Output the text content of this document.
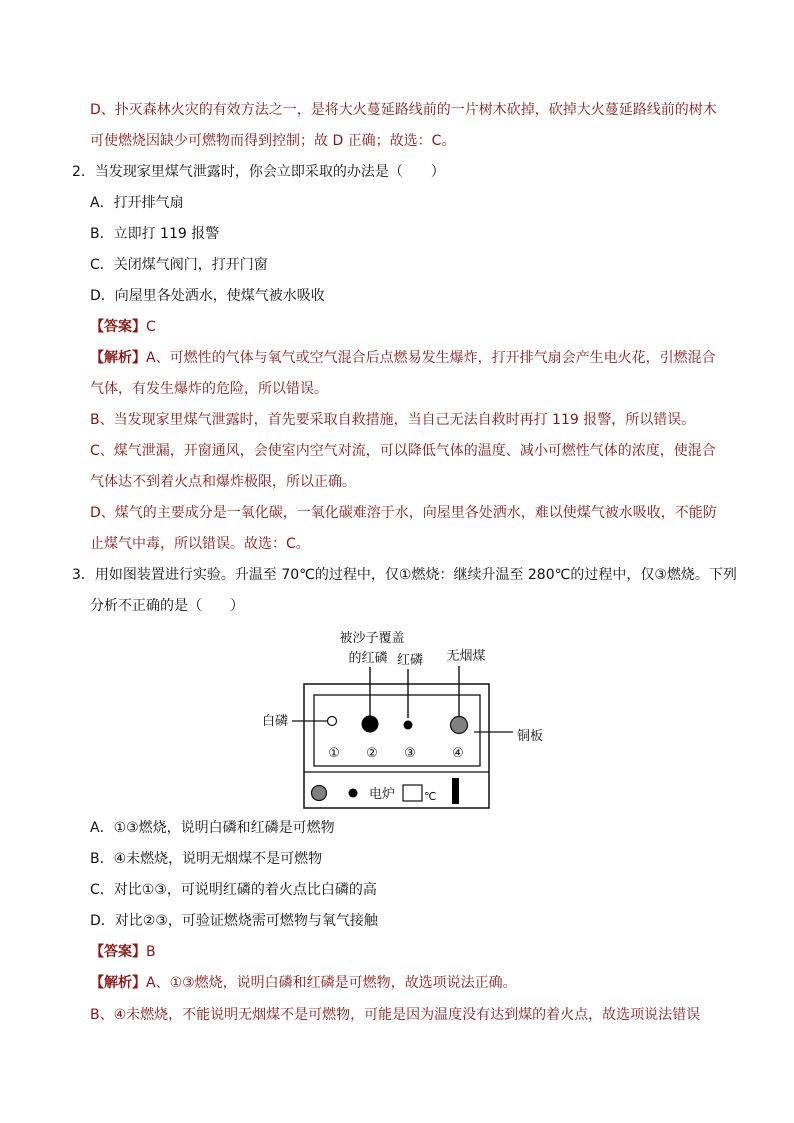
D、扑灭森林火灾的有效方法之一，是将大火蔓延路线前的一片树木砍掉，砍掉大火蔓延路线前的树木
可使燃烧因缺少可燃物而得到控制；故 D 正确；故选：C。
2．当发现家里煤气泄露时，你会立即采取的办法是（　　）
A．打开排气扇
B．立即打 119 报警
C．关闭煤气阀门，打开门窗
D．向屋里各处洒水，使煤气被水吸收
【答案】C
【解析】A、可燃性的气体与氧气或空气混合后点燃易发生爆炸，打开排气扇会产生电火花，引燃混合
气体，有发生爆炸的危险，所以错误。
B、当发现家里煤气泄露时，首先要采取自救措施，当自己无法自救时再打 119 报警，所以错误。
C、煤气泄漏，开窗通风，会使室内空气对流，可以降低气体的温度、减小可燃性气体的浓度，使混合
气体达不到着火点和爆炸极限，所以正确。
D、煤气的主要成分是一氧化碳，一氧化碳难溶于水，向屋里各处洒水，难以使煤气被水吸收，不能防
止煤气中毒，所以错误。故选：C。
3．用如图装置进行实验。升温至 70℃的过程中，仅①燃烧：继续升温至 280℃的过程中，仅③燃烧。下列
分析不正确的是（　　）
被沙子覆盖
的红磷 红磷 无烟煤
① ② ③	④
白磷
铜板
电炉	℃
A．①③燃烧，说明白磷和红磷是可燃物
B．④未燃烧，说明无烟煤不是可燃物
C．对比①③，可说明红磷的着火点比白磷的高
D．对比②③，可验证燃烧需可燃物与氧气接触
【答案】B
【解析】A、①③燃烧，说明白磷和红磷是可燃物，故选项说法正确。
B、④未燃烧，不能说明无烟煤不是可燃物，可能是因为温度没有达到煤的着火点，故选项说法错误
